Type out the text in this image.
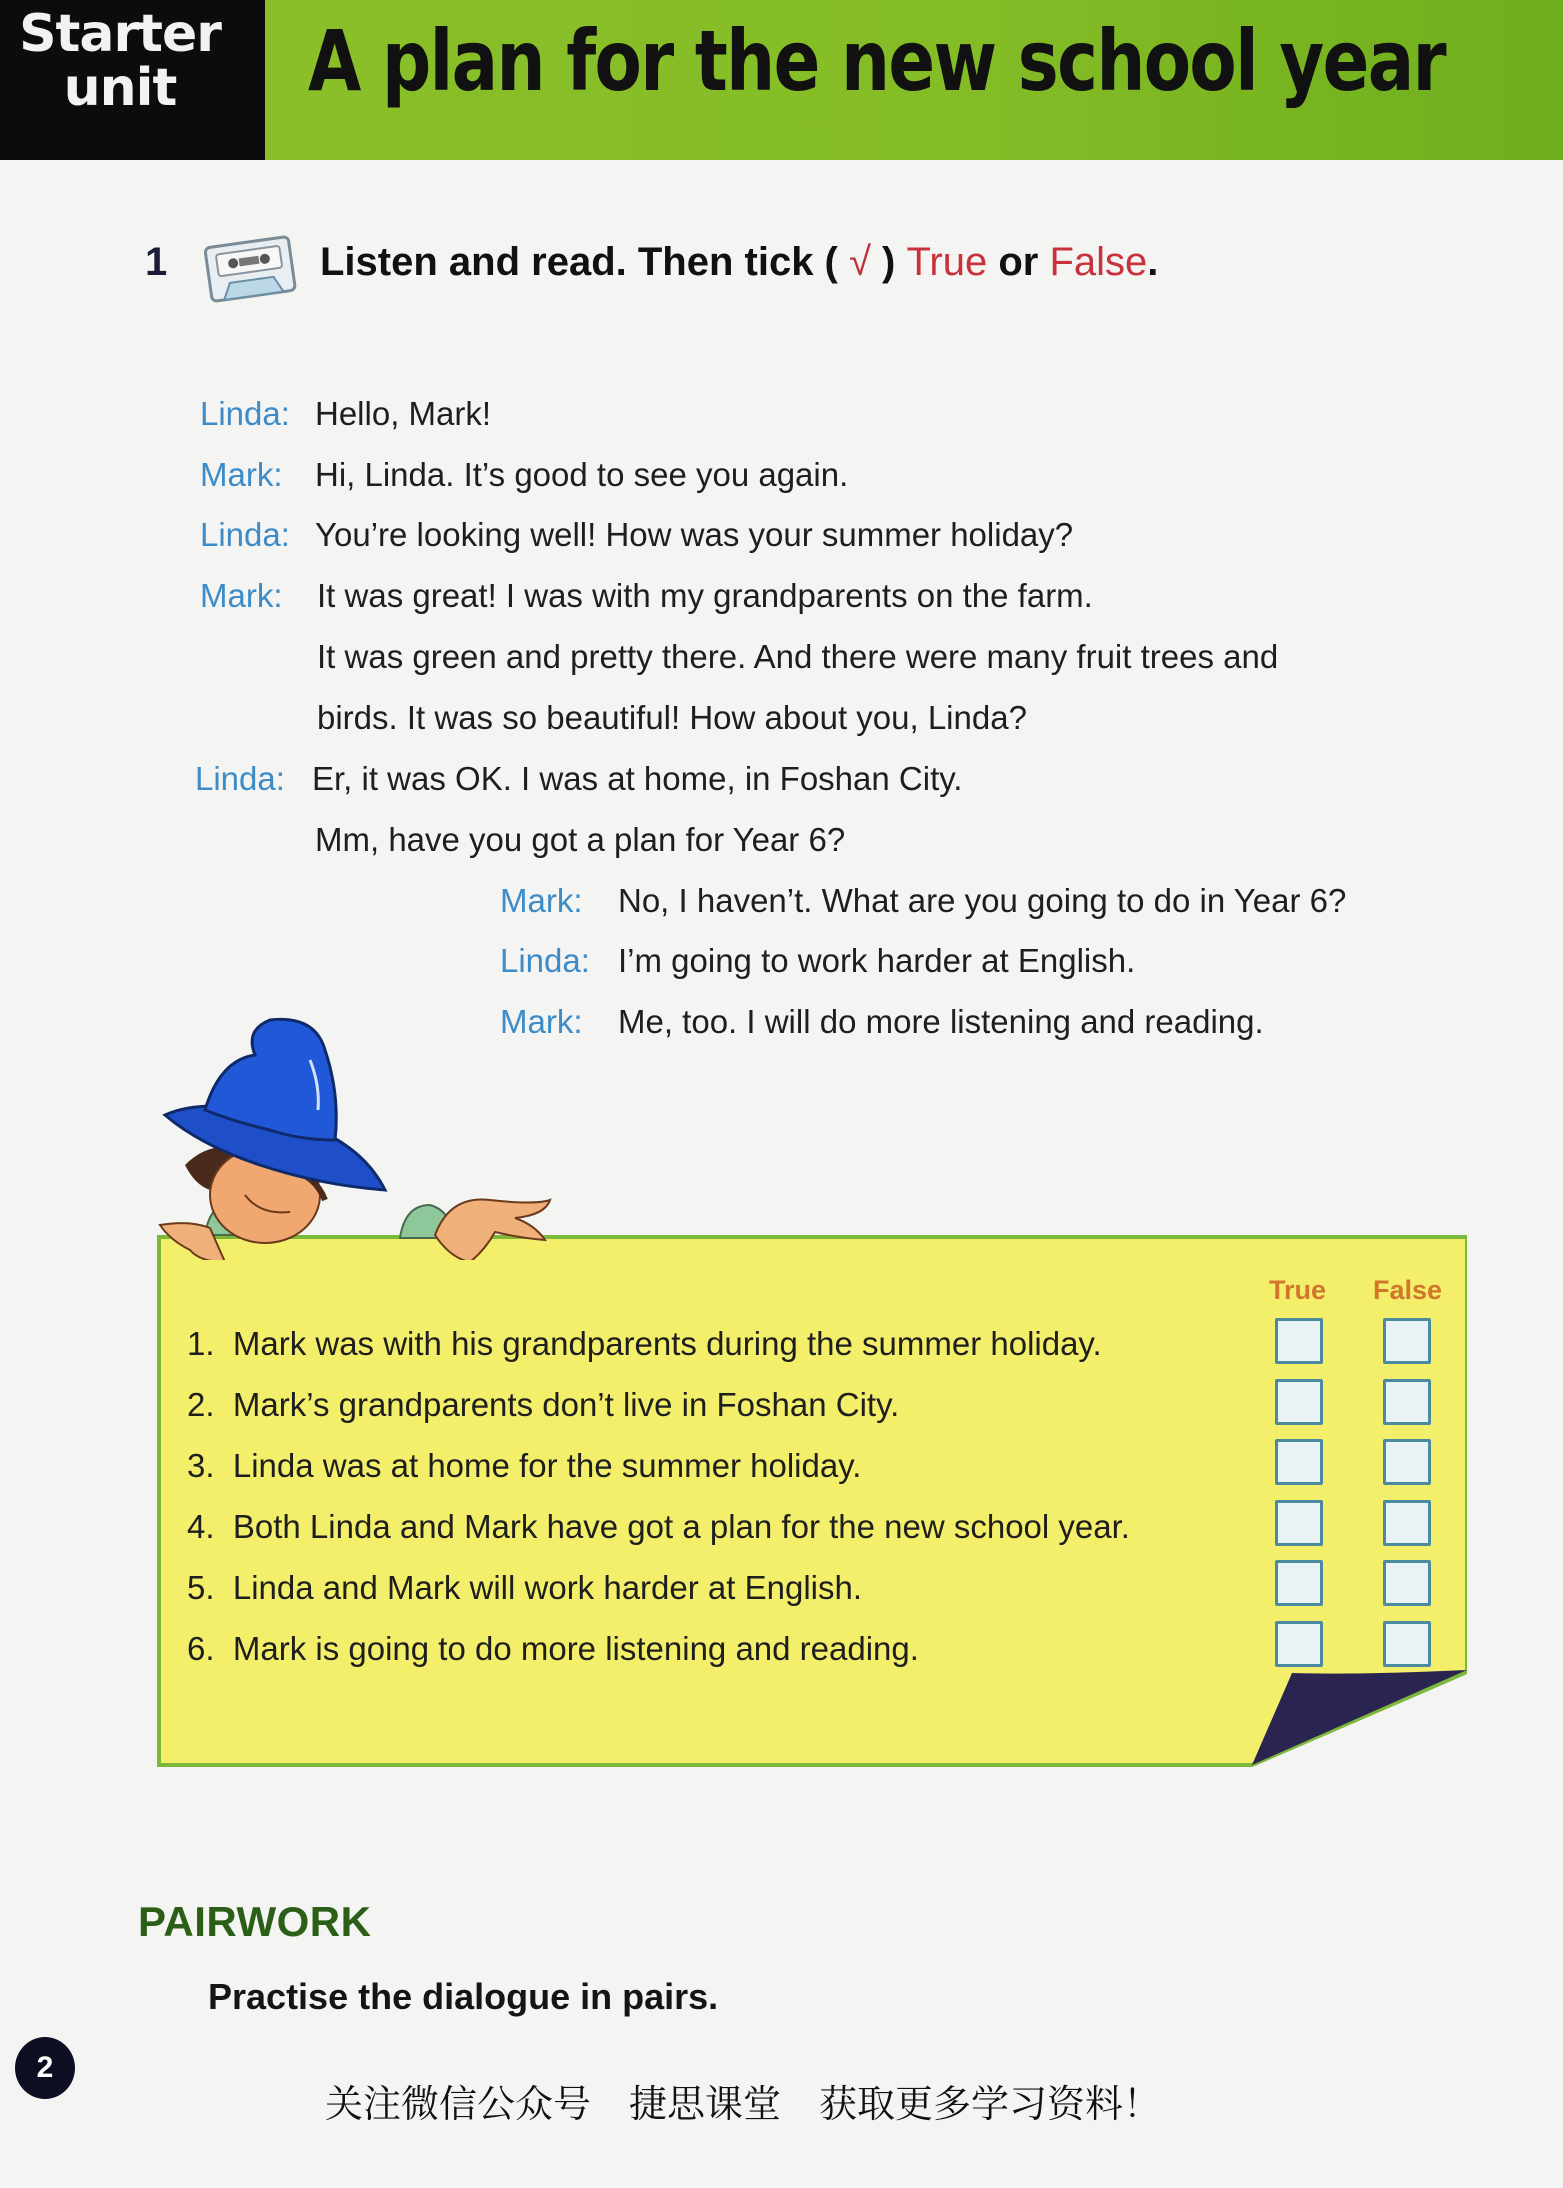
Starter
unit	A plan for the new school year
1	Listen and read. Then tick ( √ ) True or False.
Linda: Hello, Mark!
Mark: Hi, Linda. It’s good to see you again.
Linda: You’re looking well! How was your summer holiday?
Mark: It was great! I was with my grandparents on the farm.
It was green and pretty there. And there were many fruit trees and
birds. It was so beautiful! How about you, Linda?
Linda: Er, it was OK. I was at home, in Foshan City.
Mm, have you got a plan for Year 6?
Mark: No, I haven’t. What are you going to do in Year 6?
Linda: I’m going to work harder at English.
Mark: Me, too. I will do more listening and reading.
True False
1. Mark was with his grandparents during the summer holiday.
2. Mark’s grandparents don’t live in Foshan City.
3. Linda was at home for the summer holiday.
4. Both Linda and Mark have got a plan for the new school year.
5. Linda and Mark will work harder at English.
6. Mark is going to do more listening and reading.
PAIRWORK
Practise the dialogue in pairs.
2
关注微信公众号　捷思课堂　获取更多学习资料！
